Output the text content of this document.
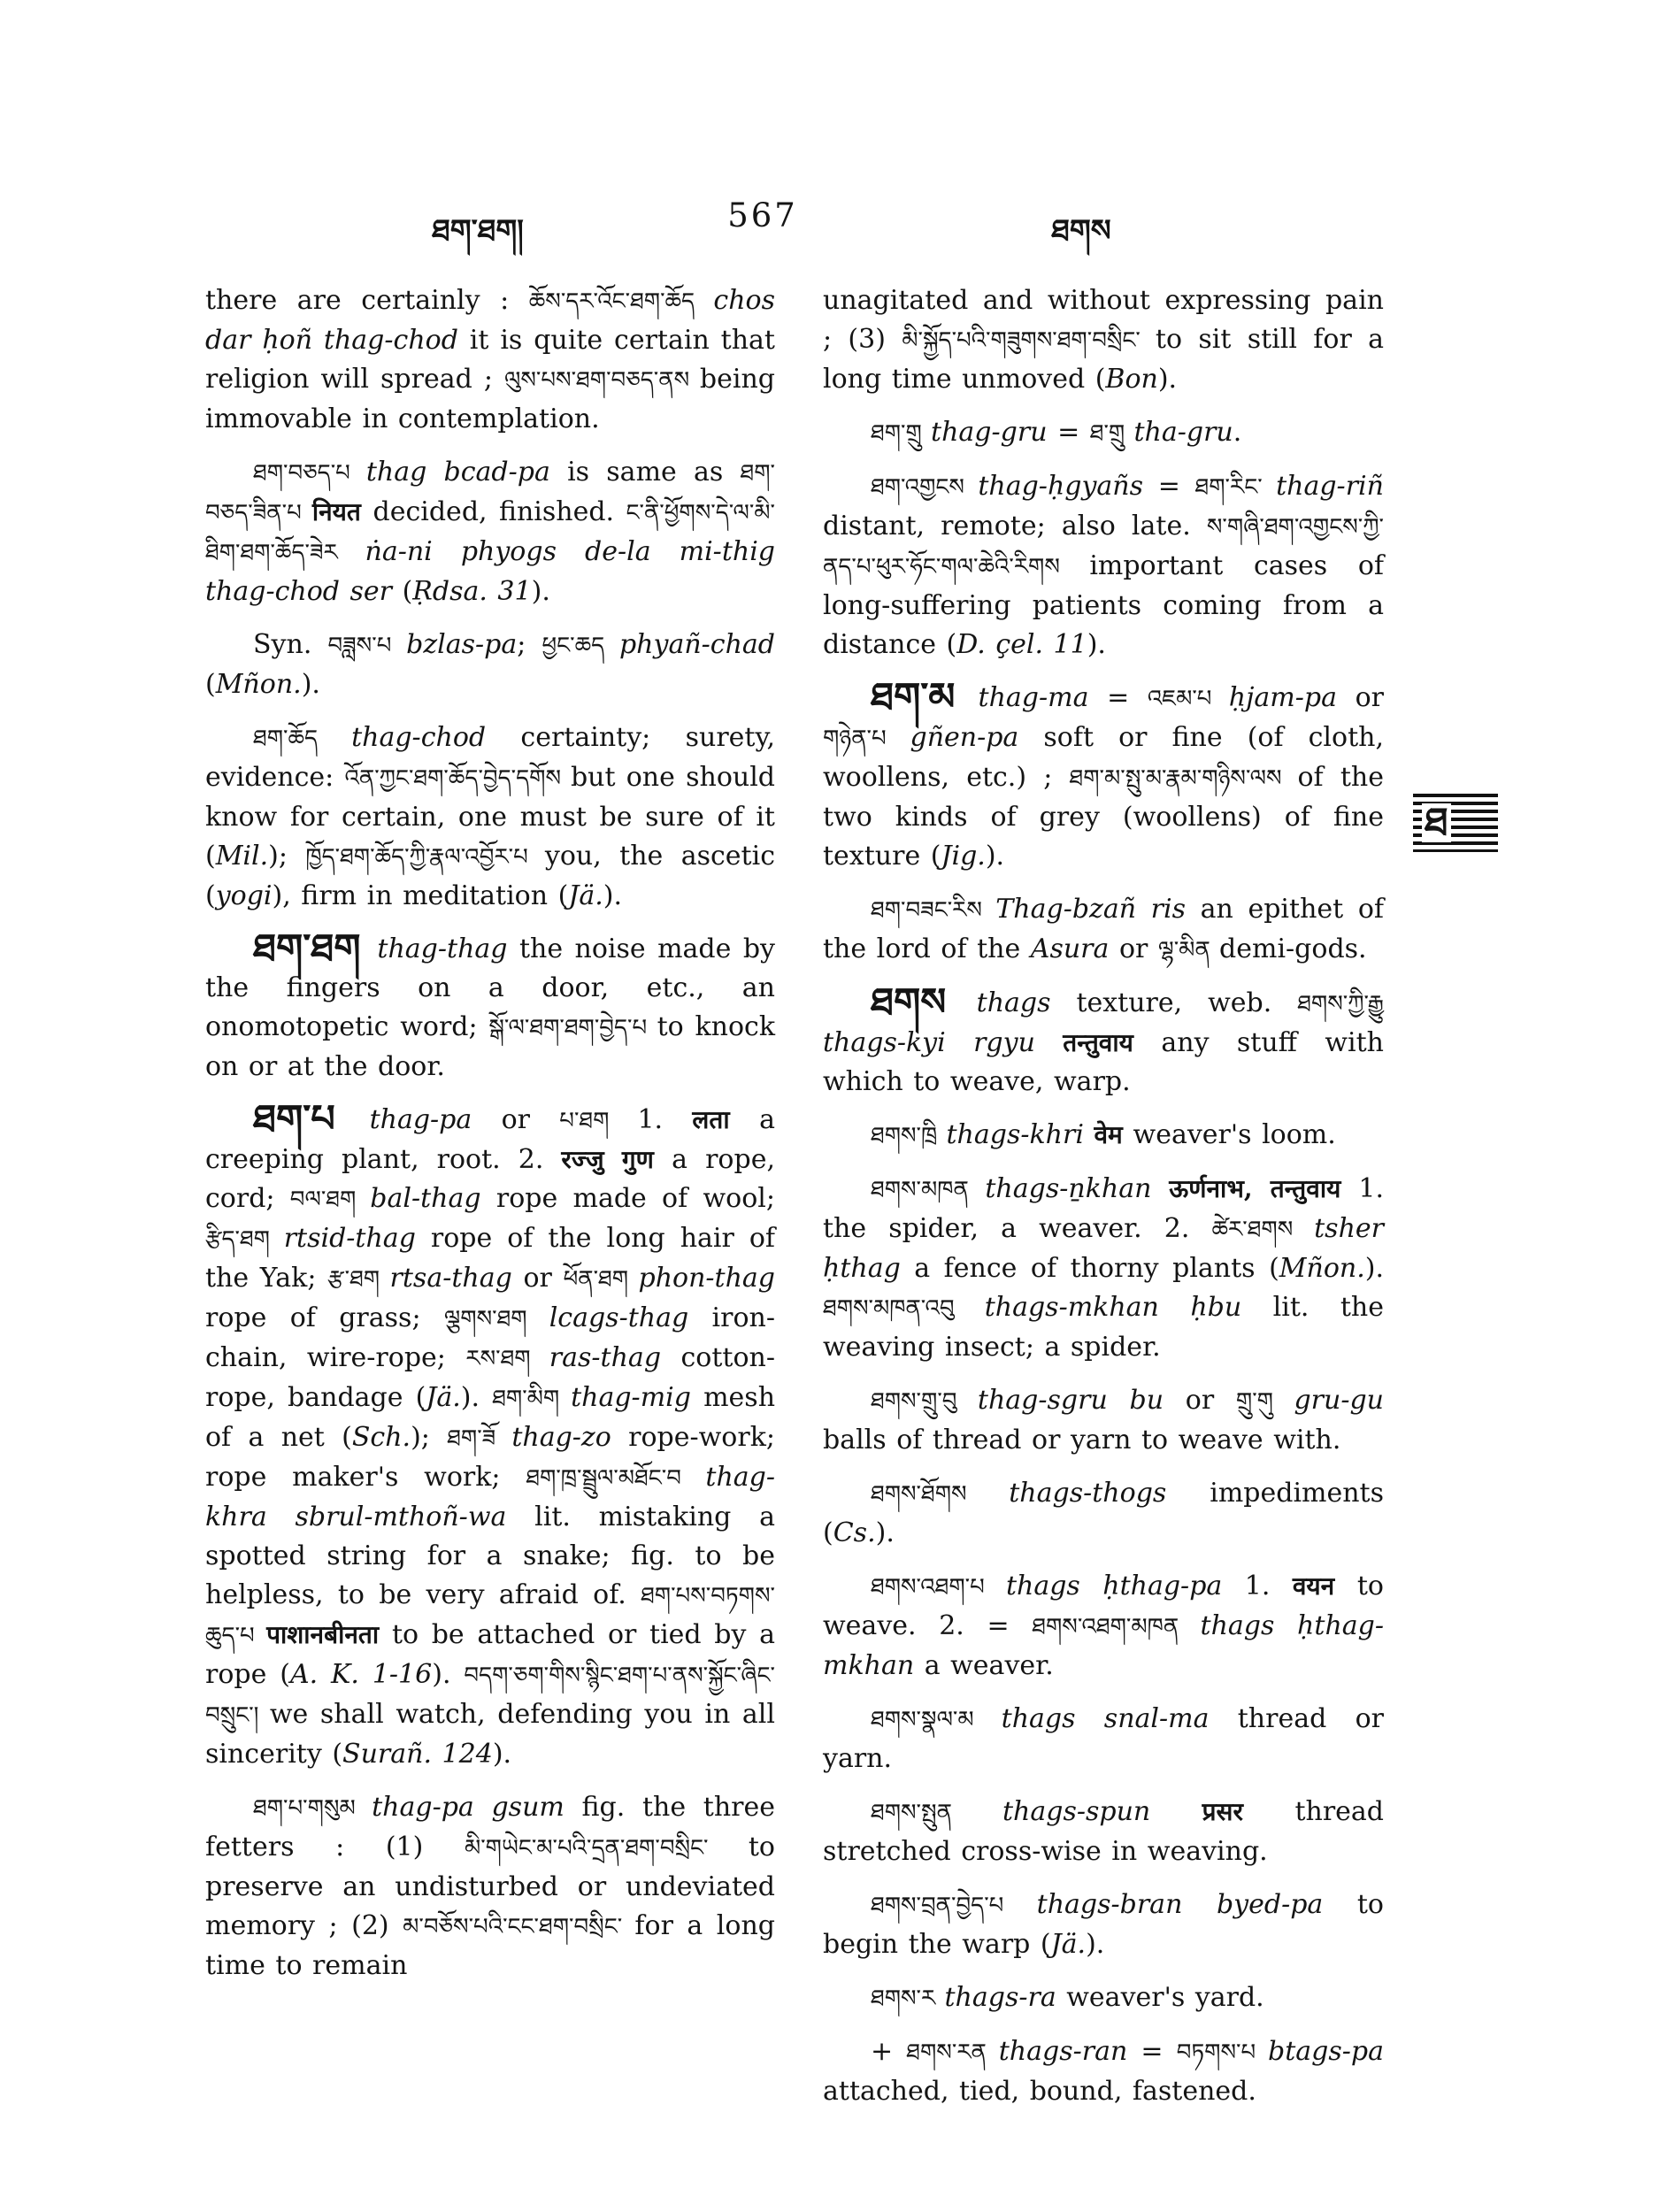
ཐག་ཐག།	567	ཐགས

there are certainly : ཆོས་དར་འོང་ཐག་ཆོད chos dar ḥoñ thag-chod it is quite certain that religion will spread ; ལུས་པས་ཐག་བཅད་ནས being immovable in contemplation.

ཐག་བཅད་པ thag bcad-pa is same as ཐག་བཅད་ཟིན་པ नियत decided, finished. ང་ནི་ཕྱོགས་དེ་ལ་མི་ཐིག་ཐག་ཆོད་ཟེར ṅa-ni phyogs de-la mi-thig thag-chod ser (Ṛdsa. 31).

Syn. བཟླས་པ bzlas-pa; ཕྱང་ཆད phyañ-chad (Mñon.).

ཐག་ཆོད thag-chod certainty; surety, evidence: འོན་ཀྱང་ཐག་ཆོད་བྱེད་དགོས but one should know for certain, one must be sure of it (Mil.); ཁྱོད་ཐག་ཆོད་ཀྱི་རྣལ་འབྱོར་པ you, the ascetic (yogi), firm in meditation (Jä.).

ཐག་ཐག thag-thag the noise made by the fingers on a door, etc., an onomotopetic word; སྒོ་ལ་ཐག་ཐག་བྱེད་པ to knock on or at the door.

ཐག་པ thag-pa or པ་ཐག 1. लता a creeping plant, root. 2. रज्जु गुण a rope, cord; བལ་ཐག bal-thag rope made of wool; རྩིད་ཐག rtsid-thag rope of the long hair of the Yak; རྩ་ཐག rtsa-thag or ཕོན་ཐག phon-thag rope of grass; ལྕགས་ཐག lcags-thag iron-chain, wire-rope; རས་ཐག ras-thag cotton-rope, bandage (Jä.). ཐག་མིག thag-mig mesh of a net (Sch.); ཐག་ཟོ thag-zo rope-work; rope maker's work; ཐག་ཁྲ་སྦྲུལ་མཐོང་བ thag-khra sbrul-mthoñ-wa lit. mistaking a spotted string for a snake; fig. to be helpless, to be very afraid of. ཐག་པས་བཏགས་ཆུད་པ पाशानबीनता to be attached or tied by a rope (A. K. 1-16). བདག་ཅག་གིས་སྙིང་ཐག་པ་ནས་སྐྱོང་ཞིང་བསྲུང་། we shall watch, defending you in all sincerity (Surañ. 124).

ཐག་པ་གསུམ thag-pa gsum fig. the three fetters : (1) མི་གཡེང་མ་པའི་དྲན་ཐག་བསྲིང་ to preserve an undisturbed or undeviated memory ; (2) མ་བཅོས་པའི་ངང་ཐག་བསྲིང་ for a long time to remain

unagitated and without expressing pain ; (3) མི་སྐྱོད་པའི་གཟུགས་ཐག་བསྲིང་ to sit still for a long time unmoved (Bon).

ཐག་གྲུ thag-gru = ཐ་གྲུ tha-gru.

ཐག་འགྱངས thag-ḥgyañs = ཐག་རིང་ thag-riñ distant, remote; also late. ས་གཞི་ཐག་འགྱངས་ཀྱི་ནད་པ་ཕུར་ཧོང་གལ་ཆེའི་རིགས important cases of long-suffering patients coming from a distance (D. çel. 11).

ཐག་མ thag-ma = འཇམ་པ ḥjam-pa or གཉེན་པ gñen-pa soft or fine (of cloth, woollens, etc.) ; ཐག་མ་སྤུ་མ་རྣམ་གཉིས་ལས of the two kinds of grey (woollens) of fine texture (Jig.).

ཐག་བཟང་རིས Thag-bzañ ris an epithet of the lord of the Asura or ལྷ་མིན demi-gods.

ཐགས thags texture, web. ཐགས་ཀྱི་རྒྱུ thags-kyi rgyu तन्तुवाय any stuff with which to weave, warp.

ཐགས་ཁྲི thags-khri वेम weaver's loom.

ཐགས་མཁན thags-ṉkhan ऊर्णनाभ, तन्तुवाय 1. the spider, a weaver. 2. ཚེར་ཐགས tsher ḥthag a fence of thorny plants (Mñon.). ཐགས་མཁན་འབུ thags-mkhan ḥbu lit. the weaving insect; a spider.

ཐགས་གྲུ་བུ thag-sgru bu or གྲུ་གུ gru-gu balls of thread or yarn to weave with.

ཐགས་ཐོགས thags-thogs impediments (Cs.).

ཐགས་འཐག་པ thags ḥthag-pa 1. वयन to weave. 2. = ཐགས་འཐག་མཁན thags ḥthag-mkhan a weaver.

ཐགས་སྣལ་མ thags snal-ma thread or yarn.

ཐགས་སྤུན thags-spun प्रसर thread stretched cross-wise in weaving.

ཐགས་བྲན་བྱེད་པ thags-bran byed-pa to begin the warp (Jä.).

ཐགས་ར thags-ra weaver's yard.

+ ཐགས་རན thags-ran = བཏགས་པ btags-pa attached, tied, bound, fastened.

ཐ
